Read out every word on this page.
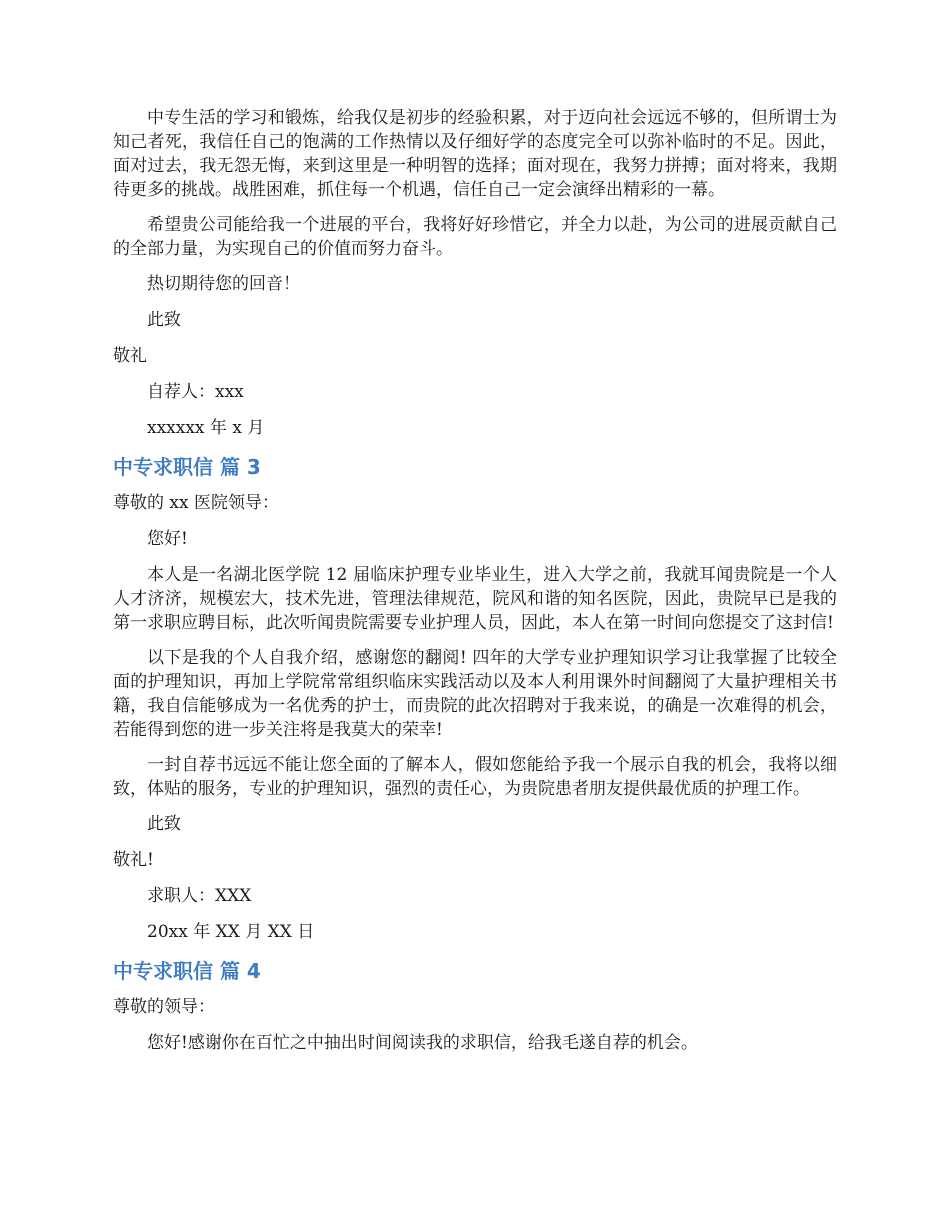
中专生活的学习和锻炼，给我仅是初步的经验积累，对于迈向社会远远不够的，但所谓士为知己者死，我信任自己的饱满的工作热情以及仔细好学的态度完全可以弥补临时的不足。因此，面对过去，我无怨无悔，来到这里是一种明智的选择；面对现在，我努力拼搏；面对将来，我期待更多的挑战。战胜困难，抓住每一个机遇，信任自己一定会演绎出精彩的一幕。

希望贵公司能给我一个进展的平台，我将好好珍惜它，并全力以赴，为公司的进展贡献自己的全部力量，为实现自己的价值而努力奋斗。

热切期待您的回音！

此致

敬礼

自荐人：xxx

xxxxxx 年 x 月

中专求职信 篇 3

尊敬的 xx 医院领导：

您好!

本人是一名湖北医学院 12 届临床护理专业毕业生，进入大学之前，我就耳闻贵院是一个人人才济济，规模宏大，技术先进，管理法律规范，院风和谐的知名医院，因此，贵院早已是我的第一求职应聘目标，此次听闻贵院需要专业护理人员，因此，本人在第一时间向您提交了这封信!

以下是我的个人自我介绍，感谢您的翻阅! 四年的大学专业护理知识学习让我掌握了比较全面的护理知识，再加上学院常常组织临床实践活动以及本人利用课外时间翻阅了大量护理相关书籍，我自信能够成为一名优秀的护士，而贵院的此次招聘对于我来说，的确是一次难得的机会，若能得到您的进一步关注将是我莫大的荣幸!

一封自荐书远远不能让您全面的了解本人，假如您能给予我一个展示自我的机会，我将以细致，体贴的服务，专业的护理知识，强烈的责任心，为贵院患者朋友提供最优质的护理工作。

此致

敬礼!

求职人：XXX

20xx 年 XX 月 XX 日

中专求职信 篇 4

尊敬的领导：

您好!感谢你在百忙之中抽出时间阅读我的求职信，给我毛遂自荐的机会。
